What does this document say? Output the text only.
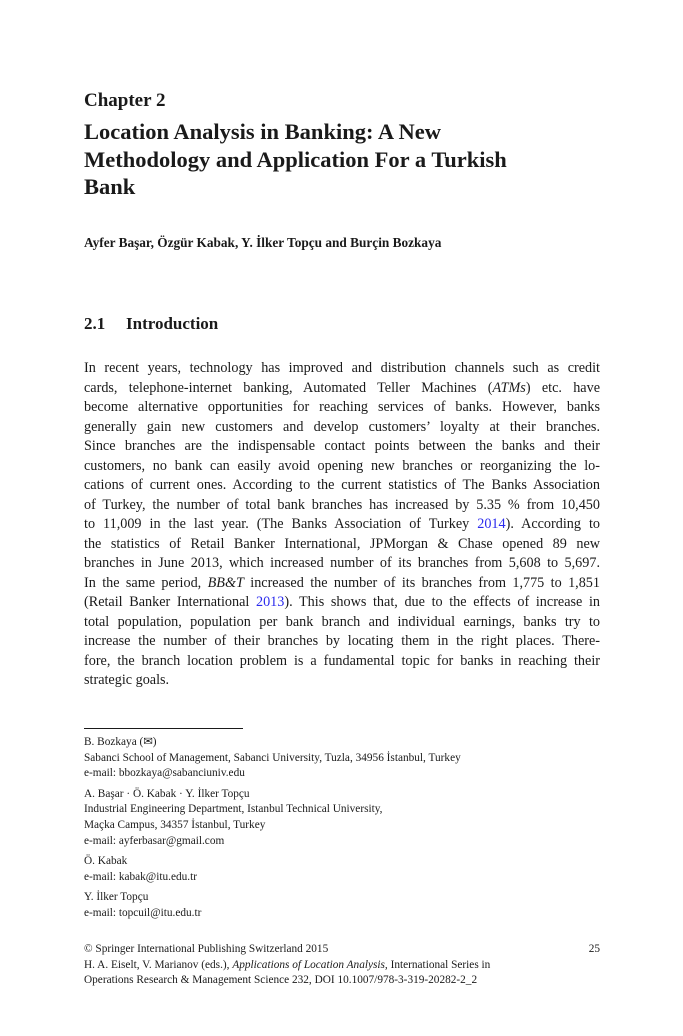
Chapter 2
Location Analysis in Banking: A New
Methodology and Application For a Turkish
Bank
Ayfer Başar, Özgür Kabak, Y. İlker Topçu and Burçin Bozkaya
2.1 Introduction
In recent years, technology has improved and distribution channels such as credit
cards, telephone-internet banking, Automated Teller Machines (ATMs) etc. have
become alternative opportunities for reaching services of banks. However, banks
generally gain new customers and develop customers’ loyalty at their branches.
Since branches are the indispensable contact points between the banks and their
customers, no bank can easily avoid opening new branches or reorganizing the lo-
cations of current ones. According to the current statistics of The Banks Association
of Turkey, the number of total bank branches has increased by 5.35 % from 10,450
to 11,009 in the last year. (The Banks Association of Turkey 2014). According to
the statistics of Retail Banker International, JPMorgan & Chase opened 89 new
branches in June 2013, which increased number of its branches from 5,608 to 5,697.
In the same period, BB&T increased the number of its branches from 1,775 to 1,851
(Retail Banker International 2013). This shows that, due to the effects of increase in
total population, population per bank branch and individual earnings, banks try to
increase the number of their branches by locating them in the right places. There-
fore, the branch location problem is a fundamental topic for banks in reaching their
strategic goals.
B. Bozkaya (✉)
Sabanci School of Management, Sabanci University, Tuzla, 34956 İstanbul, Turkey
e-mail: bbozkaya@sabanciuniv.edu
A. Başar · Ö. Kabak · Y. İlker Topçu
Industrial Engineering Department, Istanbul Technical University,
Maçka Campus, 34357 İstanbul, Turkey
e-mail: ayferbasar@gmail.com
Ö. Kabak
e-mail: kabak@itu.edu.tr
Y. İlker Topçu
e-mail: topcuil@itu.edu.tr
© Springer International Publishing Switzerland 2015	25
H. A. Eiselt, V. Marianov (eds.), Applications of Location Analysis, International Series in
Operations Research & Management Science 232, DOI 10.1007/978-3-319-20282-2_2
